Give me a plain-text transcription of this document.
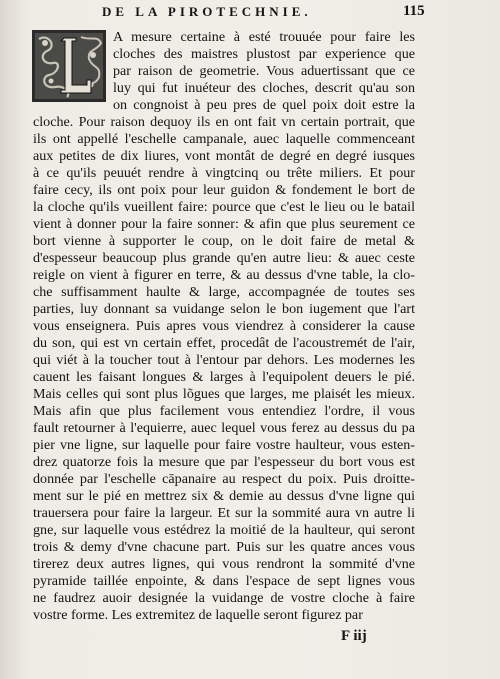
DE LA PIROTECHNIE.	115
A mesure certaine à esté trouuée pour faire les
cloches des maistres plustost par experience que
par raison de geometrie. Vous aduertissant que ce
luy qui fut inuéteur des cloches, descrit qu'au son
on congnoist à peu pres de quel poix doit estre la
cloche. Pour raison dequoy ils en ont fait vn certain portrait, que
ils ont appellé l'eschelle campanale, auec laquelle commenceant
aux petites de dix liures, vont montât de degré en degré iusques
à ce qu'ils peuuét rendre à vingtcinq ou trête miliers. Et pour
faire cecy, ils ont poix pour leur guidon & fondement le bort de
la cloche qu'ils vueillent faire: pource que c'est le lieu ou le batail
vient à donner pour la faire sonner: & afin que plus seurement ce
bort vienne à supporter le coup, on le doit faire de metal &
d'espesseur beaucoup plus grande qu'en autre lieu: & auec ceste
reigle on vient à figurer en terre, & au dessus d'vne table, la clo-
che suffisamment haulte & large, accompagnée de toutes ses
parties, luy donnant sa vuidange selon le bon iugement que l'art
vous enseignera. Puis apres vous viendrez à considerer la cause
du son, qui est vn certain effet, procedât de l'acoustremét de l'air,
qui viét à la toucher tout à l'entour par dehors. Les modernes les
cauent les faisant longues & larges à l'equipolent deuers le pié.
Mais celles qui sont plus lõgues que larges, me plaisét les mieux.
Mais afin que plus facilement vous entendiez l'ordre, il vous
fault retourner à l'equierre, auec lequel vous ferez au dessus du pa
pier vne ligne, sur laquelle pour faire vostre haulteur, vous esten-
drez quatorze fois la mesure que par l'espesseur du bort vous est
donnée par l'eschelle cāpanaire au respect du poix. Puis droitte-
ment sur le pié en mettrez six & demie au dessus d'vne ligne qui
trauersera pour faire la largeur. Et sur la sommité aura vn autre li
gne, sur laquelle vous estédrez la moitié de la haulteur, qui seront
trois & demy d'vne chacune part. Puis sur les quatre ances vous
tirerez deux autres lignes, qui vous rendront la sommité d'vne
pyramide taillée enpointe, & dans l'espace de sept lignes vous
ne faudrez auoir designée la vuidange de vostre cloche à faire
vostre forme. Les extremitez de laquelle seront figurez par
F iij
